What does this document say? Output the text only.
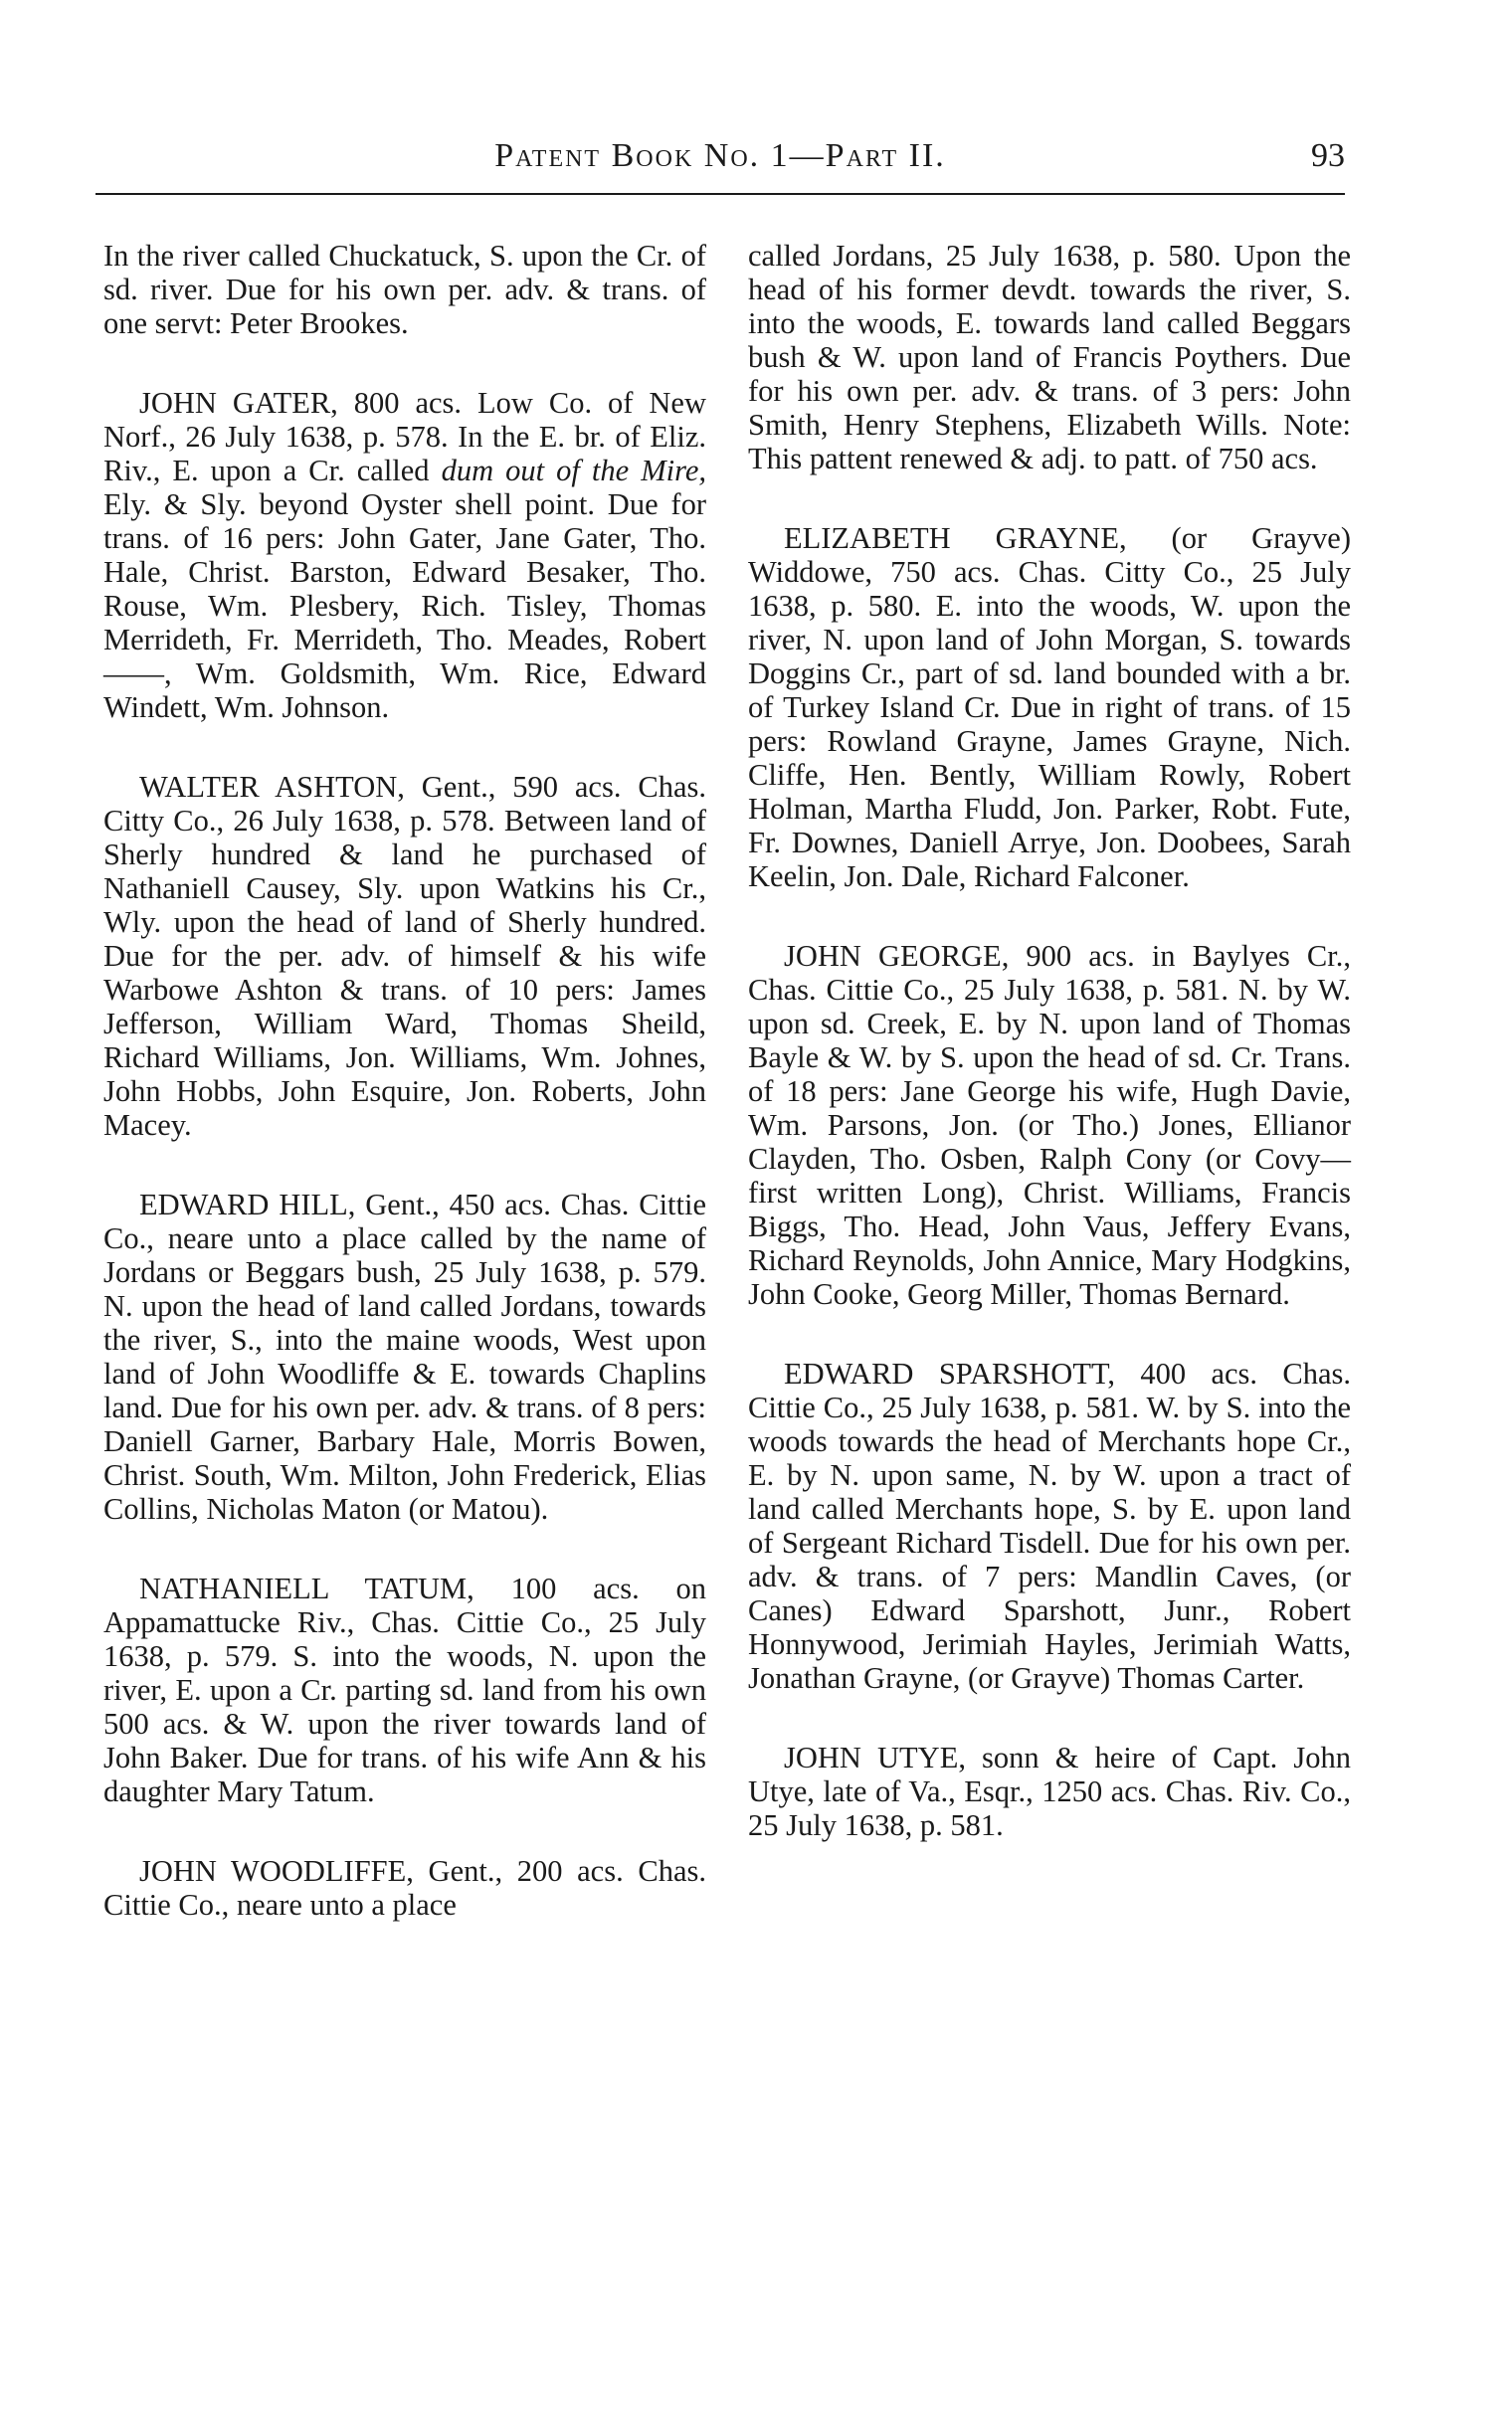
Patent Book No. 1—Part II.	93

In the river called Chuckatuck, S. upon the Cr. of sd. river. Due for his own per. adv. & trans. of one servt: Peter Brookes.

JOHN GATER, 800 acs. Low Co. of New Norf., 26 July 1638, p. 578. In the E. br. of Eliz. Riv., E. upon a Cr. called dum out of the Mire, Ely. & Sly. beyond Oyster shell point. Due for trans. of 16 pers: John Gater, Jane Gater, Tho. Hale, Christ. Barston, Edward Besaker, Tho. Rouse, Wm. Plesbery, Rich. Tisley, Thomas Merrideth, Fr. Merrideth, Tho. Meades, Robert ——, Wm. Goldsmith, Wm. Rice, Edward Windett, Wm. Johnson.

WALTER ASHTON, Gent., 590 acs. Chas. Citty Co., 26 July 1638, p. 578. Between land of Sherly hundred & land he purchased of Nathaniell Causey, Sly. upon Watkins his Cr., Wly. upon the head of land of Sherly hundred. Due for the per. adv. of himself & his wife Warbowe Ashton & trans. of 10 pers: James Jefferson, William Ward, Thomas Sheild, Richard Williams, Jon. Williams, Wm. Johnes, John Hobbs, John Esquire, Jon. Roberts, John Macey.

EDWARD HILL, Gent., 450 acs. Chas. Cittie Co., neare unto a place called by the name of Jordans or Beggars bush, 25 July 1638, p. 579. N. upon the head of land called Jordans, towards the river, S., into the maine woods, West upon land of John Woodliffe & E. towards Chaplins land. Due for his own per. adv. & trans. of 8 pers: Daniell Garner, Barbary Hale, Morris Bowen, Christ. South, Wm. Milton, John Frederick, Elias Collins, Nicholas Maton (or Matou).

NATHANIELL TATUM, 100 acs. on Appamattucke Riv., Chas. Cittie Co., 25 July 1638, p. 579. S. into the woods, N. upon the river, E. upon a Cr. parting sd. land from his own 500 acs. & W. upon the river towards land of John Baker. Due for trans. of his wife Ann & his daughter Mary Tatum.

JOHN WOODLIFFE, Gent., 200 acs. Chas. Cittie Co., neare unto a place

called Jordans, 25 July 1638, p. 580. Upon the head of his former devdt. towards the river, S. into the woods, E. towards land called Beggars bush & W. upon land of Francis Poythers. Due for his own per. adv. & trans. of 3 pers: John Smith, Henry Stephens, Elizabeth Wills. Note: This pattent renewed & adj. to patt. of 750 acs.

ELIZABETH GRAYNE, (or Grayve) Widdowe, 750 acs. Chas. Citty Co., 25 July 1638, p. 580. E. into the woods, W. upon the river, N. upon land of John Morgan, S. towards Doggins Cr., part of sd. land bounded with a br. of Turkey Island Cr. Due in right of trans. of 15 pers: Rowland Grayne, James Grayne, Nich. Cliffe, Hen. Bently, William Rowly, Robert Holman, Martha Fludd, Jon. Parker, Robt. Fute, Fr. Downes, Daniell Arrye, Jon. Doobees, Sarah Keelin, Jon. Dale, Richard Falconer.

JOHN GEORGE, 900 acs. in Baylyes Cr., Chas. Cittie Co., 25 July 1638, p. 581. N. by W. upon sd. Creek, E. by N. upon land of Thomas Bayle & W. by S. upon the head of sd. Cr. Trans. of 18 pers: Jane George his wife, Hugh Davie, Wm. Parsons, Jon. (or Tho.) Jones, Ellianor Clayden, Tho. Osben, Ralph Cony (or Covy—first written Long), Christ. Williams, Francis Biggs, Tho. Head, John Vaus, Jeffery Evans, Richard Reynolds, John Annice, Mary Hodgkins, John Cooke, Georg Miller, Thomas Bernard.

EDWARD SPARSHOTT, 400 acs. Chas. Cittie Co., 25 July 1638, p. 581. W. by S. into the woods towards the head of Merchants hope Cr., E. by N. upon same, N. by W. upon a tract of land called Merchants hope, S. by E. upon land of Sergeant Richard Tisdell. Due for his own per. adv. & trans. of 7 pers: Mandlin Caves, (or Canes) Edward Sparshott, Junr., Robert Honnywood, Jerimiah Hayles, Jerimiah Watts, Jonathan Grayne, (or Grayve) Thomas Carter.

JOHN UTYE, sonn & heire of Capt. John Utye, late of Va., Esqr., 1250 acs. Chas. Riv. Co., 25 July 1638, p. 581.
